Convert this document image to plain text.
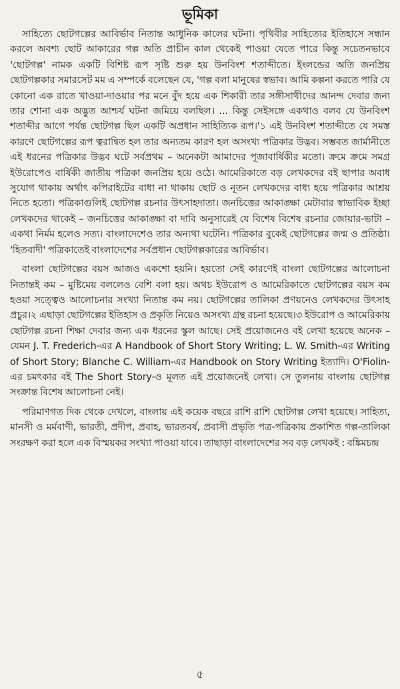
ভূমিকা

সাহিত্যে ছোটগল্পের আবির্ভাব নিতান্ত আধুনিক কালের ঘটনা। পৃথিবীর সাহিত্যের ইতিহাসে সন্ধান করলে অবশ্য ছোট আকারের গল্প অতি প্রাচীন কাল থেকেই পাওয়া যেতে পারে কিন্তু সচেতনভাবে 'ছোটগল্প' নামক একটি বিশিষ্ট রূপ সৃষ্টি শুরু হয় উনবিংশ শতাব্দীতে। ইংলন্ডের অতি জনপ্রিয় ছোটগল্পকার সমারসেট মম এ সম্পর্কে বলেছেন যে, 'গল্প বলা মানুষের স্বভাব। আমি কল্পনা করতে পারি যে কোনো এক রাতে খাওয়া-দাওয়ার পর মনে বুঁদ হয়ে এক শিকারী তার সঙ্গীসাথীদের আনন্দ দেবার জন্য তার শোনা এক অদ্ভুত আশ্চর্য ঘটনা জমিয়ে বলছিল। ... কিন্তু সেইসঙ্গে একথাও বলব যে উনবিংশ শতাব্দীর আগে পর্যন্ত ছোটগল্প ছিল একটি অপ্রধান সাহিত্যিক রূপ।'১ এই উনবিংশ শতাব্দীতে যে সমস্ত কারণে ছোটগল্পের রূপ ত্বরান্বিত হল তার অন্যতম কারণ হল অসংখ্য পত্রিকার উদ্ভব। সম্ভবত জার্মানীতে এই ধরনের পত্রিকার উদ্ভব ঘটে সর্বপ্রথম – অনেকটা আমাদের পূজাবার্ষিকীর মতো। ক্রমে ক্রমে সমগ্র ইউরোপেও বার্ষিকী জাতীয় পত্রিকা জনপ্রিয় হয়ে ওঠে। আমেরিকাতে বড় লেখকদের বই ছাপার অবাধ সুযোগ থাকায় অর্থাৎ কপিরাইটের বাধা না থাকায় ছোট ও নূতন লেখকদের বাধ্য হয়ে পত্রিকার আশ্রয় নিতে হতো। পত্রিকাগুলিই ছোটগল্প রচনার উৎসাহদাতা। জনচিত্তের আকাঙ্ক্ষা মেটাবার স্বাভাবিক ইচ্ছা লেখকদের থাকেই – জনচিত্তের আকাঙ্ক্ষা বা দাবি অনুসারেই যে বিশেষ বিশেষ রচনার জোয়ার-ভাটা – একথা নির্মম হলেও সত্য। বাংলাদেশেও তার অন্যথা ঘটেনি। পত্রিকার বুকেই ছোটগল্পের জন্ম ও প্রতিষ্ঠা। 'হিতবাদী' পত্রিকাতেই বাংলাদেশের সর্বপ্রধান ছোটগল্পকারের আবির্ভাব।

বাংলা ছোটগল্পের বয়স আজও একশো হয়নি। হয়তো সেই কারণেই বাংলা ছোটগল্পের আলোচনা নিতান্তই কম – মুষ্টিমেয় বললেও বেশি বলা হয়। অথচ ইউরোপ ও আমেরিকাতে ছোটগল্পের বয়স কম হওয়া সত্ত্বেও আলোচনার সংখ্যা নিতান্ত কম নয়। ছোটগল্পের তালিকা প্রণয়নেও লেখকদের উৎসাহ প্রচুর।২ এছাড়া ছোটগল্পের ইতিহাস ও প্রকৃতি নিয়েও অসংখ্য গ্রন্থ রচনা হয়েছে।৩ ইউরোপ ও আমেরিকায় ছোটগল্প রচনা শিক্ষা দেবার জন্য এক ধরনের স্কুল আছে। সেই প্রয়োজনেও বই লেখা হয়েছে অনেক – যেমন J. T. Frederich-এর A Handbook of Short Story Writing; L. W. Smith-এর Writing of Short Story; Blanche C. William-এর Handbook on Story Writing ইত্যাদি। O'Fiolin-এর চমৎকার বই The Short Story-ও মূলত এই প্রয়োজনেই লেখা। সে তুলনায় বাংলায় ছোটগল্প সংক্রান্ত বিশেষ আলোচনা নেই।

পরিমাণগত দিক থেকে দেখলে, বাংলায় এই কয়েক বছরে রাশি রাশি ছোটগল্প লেখা হয়েছে। সাহিত্য, মানসী ও মর্মবাণী, ভারতী, প্রদীপ, প্রবাহ, ভারতবর্ষ, প্রবাসী প্রভৃতি পত্র-পত্রিকায় প্রকাশিত গল্প-তালিকা সংরক্ষণ করা হলে এক বিস্ময়কর সংখ্যা পাওয়া যাবে। তাছাড়া বাংলাদেশের সব বড় লেখকই : বঙ্কিমচন্দ্র

৫
